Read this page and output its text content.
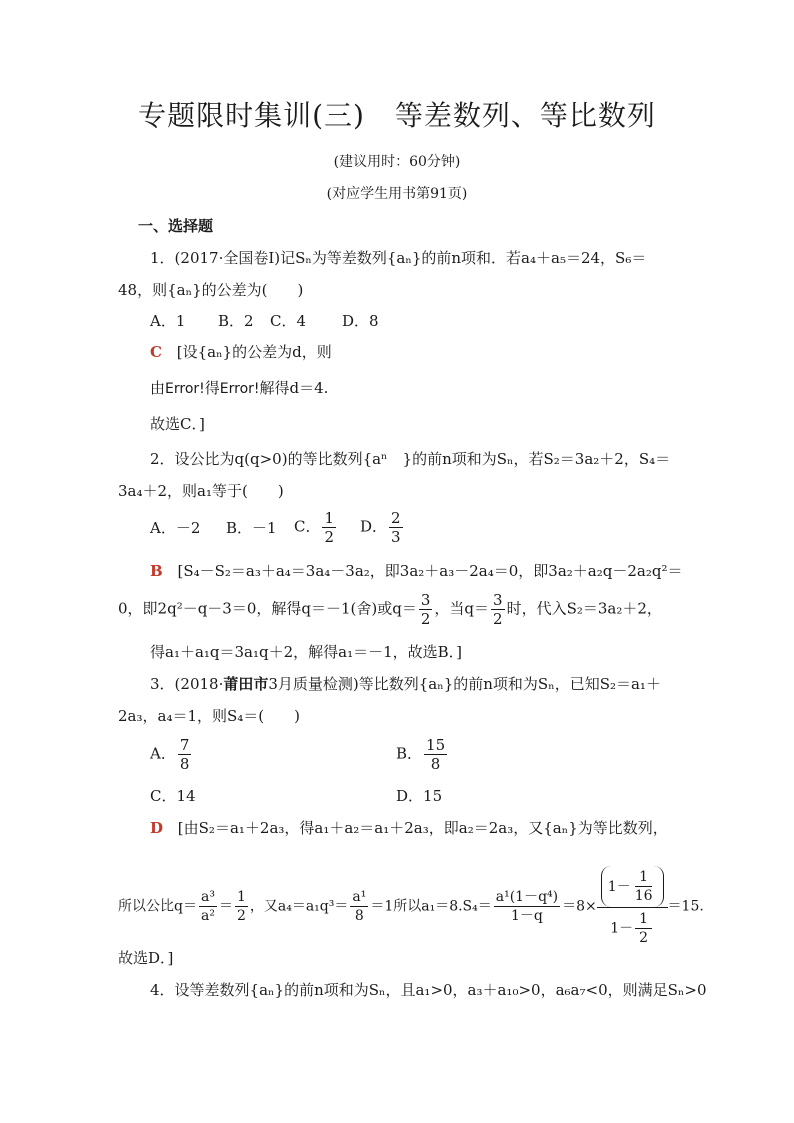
专题限时集训(三) 等差数列、等比数列
(建议用时：60分钟)
(对应学生用书第91页)
一、选择题
1．(2017·全国卷Ⅰ)记Sₙ为等差数列{aₙ}的前n项和．若a₄＋a₅＝24，S₆＝
48，则{aₙ}的公差为(　　)
A．1 B．2 C．4 D．8
C [设{aₙ}的公差为d，则
由Error!得Error!解得d＝4.
故选C．]
2．设公比为q(q>0)的等比数列{aⁿ　}的前n项和为Sₙ，若S₂＝3a₂＋2，S₄＝
3a₄＋2，则a₁等于(　　)
A．－2 B．－1 C． $\frac{1}{2}$ D． $\frac{2}{3}$
B [S₄－S₂＝a₃＋a₄＝3a₄－3a₂，即3a₂＋a₃－2a₄＝0，即3a₂＋a₂q－2a₂q²＝
0，即2q²－q－3＝0，解得q＝－1(舍)或$q= \frac{3}{2}$ ，当$q= \frac{3}{2}$ 时，代入S₂＝3a₂＋2，
得a₁＋a₁q＝3a₁q＋2，解得a₁＝－1，故选B．]
3．(2018·莆田市3月质量检测)等比数列{aₙ}的前n项和为Sₙ，已知S₂＝a₁＋
2a₃，a₄＝1，则S₄＝(　　)
A． $\frac{7}{8}$	B． $\frac{15}{8}$
C．14	D．15
D [由S₂＝a₁＋2a₃，得a₁＋a₂＝a₁＋2a₃，即a₂＝2a₃，又{aₙ}为等比数列，
所以公比$q= \frac{\text{a³}}{\text{a²}} = \frac{1}{2}$ ，又$a_4=a_1q^3= \frac{\text{a¹}}{8} =1$所以$a_1=8.S_4= \frac{\text{a¹(1－q⁴)}}{1-q} =8\times \frac{1- \frac{1}{16}}{1- \frac{1}{2}} =15$.
故选D．]
4．设等差数列{aₙ}的前n项和为Sₙ，且a₁>0，a₃＋a₁₀>0，a₆a₇<0，则满足Sₙ>0
